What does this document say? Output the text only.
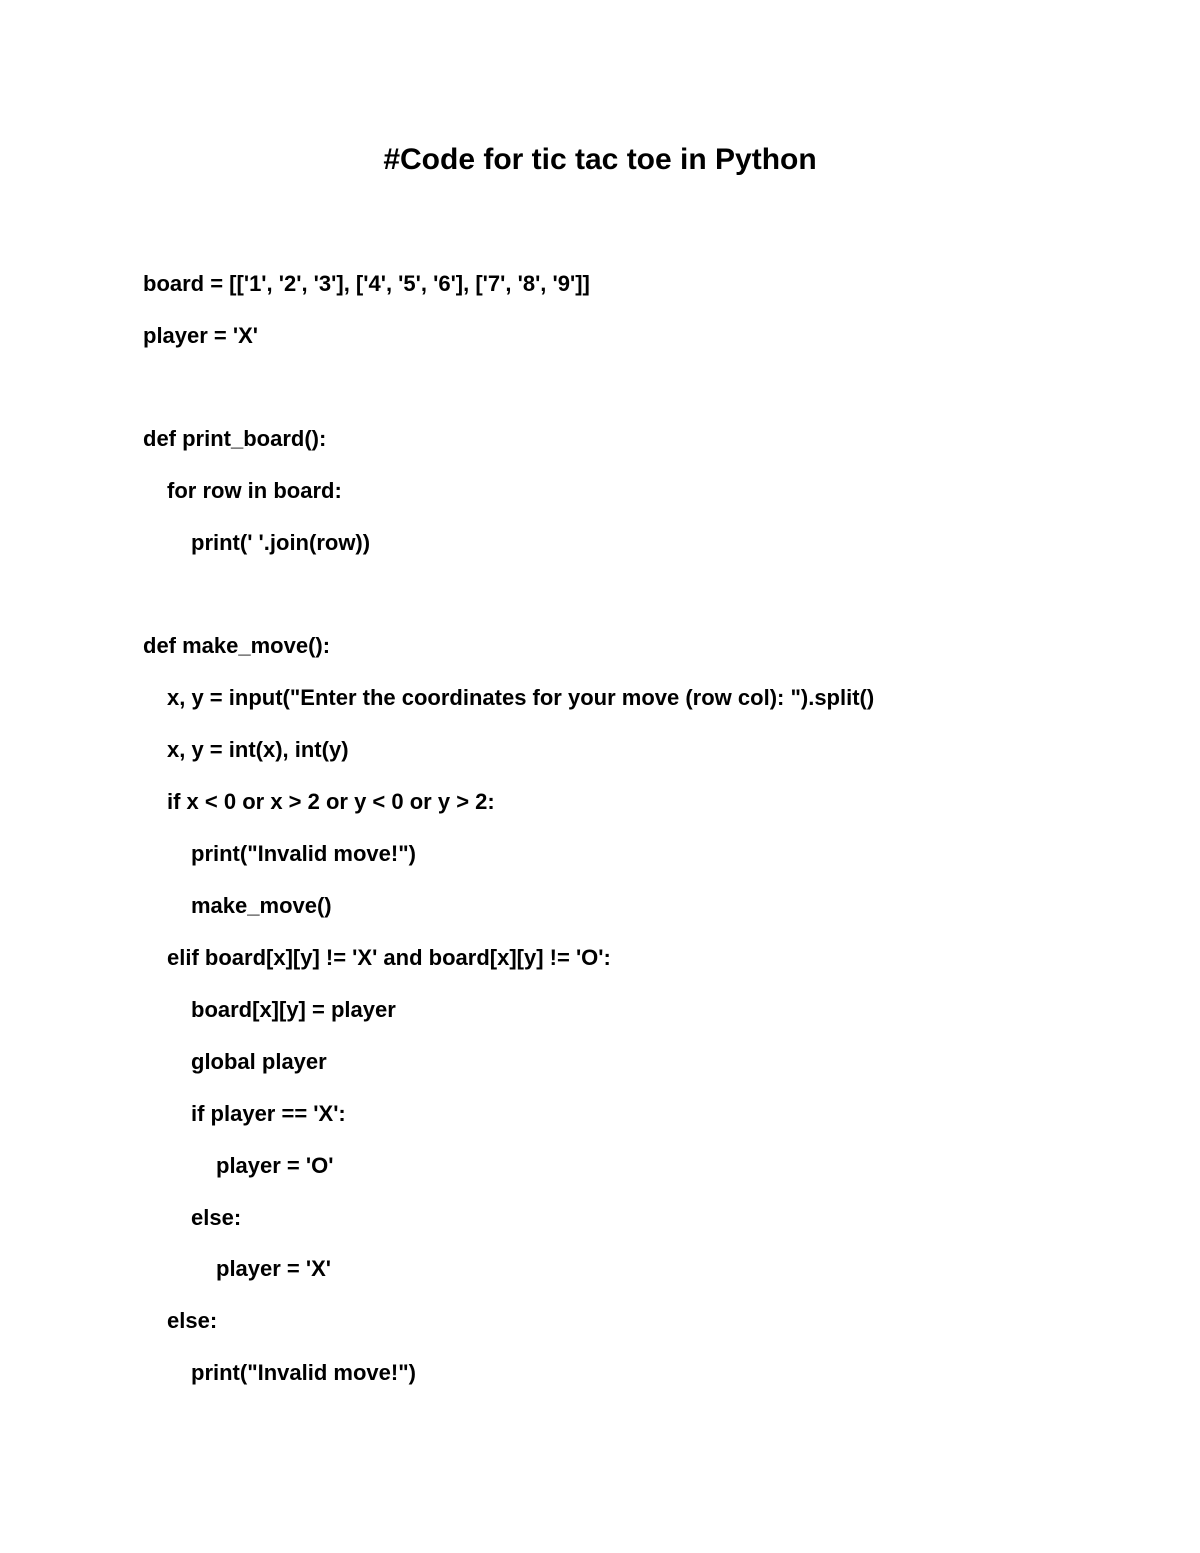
#Code for tic tac toe in Python
board = [['1', '2', '3'], ['4', '5', '6'], ['7', '8', '9']]
player = 'X'
def print_board():
for row in board:
print(' '.join(row))
def make_move():
x, y = input("Enter the coordinates for your move (row col): ").split()
x, y = int(x), int(y)
if x < 0 or x > 2 or y < 0 or y > 2:
print("Invalid move!")
make_move()
elif board[x][y] != 'X' and board[x][y] != 'O':
board[x][y] = player
global player
if player == 'X':
player = 'O'
else:
player = 'X'
else:
print("Invalid move!")
